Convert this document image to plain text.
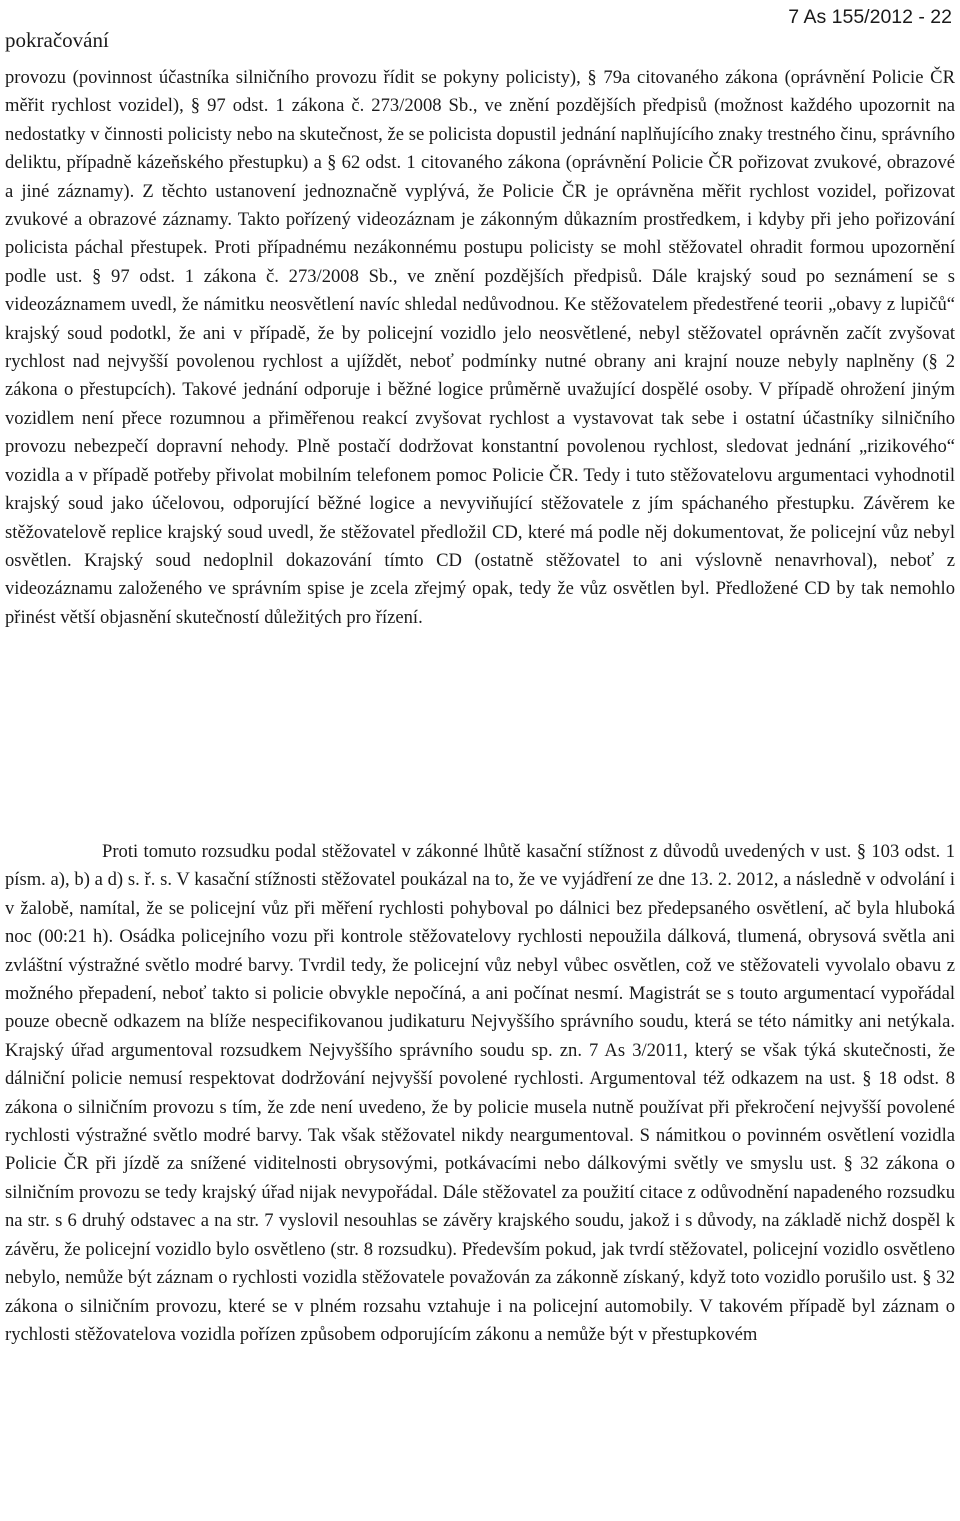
pokračování
7 As 155/2012 - 22

provozu (povinnost účastníka silničního provozu řídit se pokyny policisty), § 79a citovaného zákona (oprávnění Policie ČR měřit rychlost vozidel), § 97 odst. 1 zákona č. 273/2008 Sb., ve znění pozdějších předpisů (možnost každého upozornit na nedostatky v činnosti policisty nebo na skutečnost, že se policista dopustil jednání naplňujícího znaky trestného činu, správního deliktu, případně kázeňského přestupku) a § 62 odst. 1 citovaného zákona (oprávnění Policie ČR pořizovat zvukové, obrazové a jiné záznamy). Z těchto ustanovení jednoznačně vyplývá, že Policie ČR je oprávněna měřit rychlost vozidel, pořizovat zvukové a obrazové záznamy. Takto pořízený videozáznam je zákonným důkazním prostředkem, i kdyby při jeho pořizování policista páchal přestupek. Proti případnému nezákonnému postupu policisty se mohl stěžovatel ohradit formou upozornění podle ust. § 97 odst. 1 zákona č. 273/2008 Sb., ve znění pozdějších předpisů. Dále krajský soud po seznámení se s videozáznamem uvedl, že námitku neosvětlení navíc shledal nedůvodnou. Ke stěžovatelem předestřené teorii „obavy z lupičů“ krajský soud podotkl, že ani v případě, že by policejní vozidlo jelo neosvětlené, nebyl stěžovatel oprávněn začít zvyšovat rychlost nad nejvyšší povolenou rychlost a ujíždět, neboť podmínky nutné obrany ani krajní nouze nebyly naplněny (§ 2 zákona o přestupcích). Takové jednání odporuje i běžné logice průměrně uvažující dospělé osoby. V případě ohrožení jiným vozidlem není přece rozumnou a přiměřenou reakcí zvyšovat rychlost a vystavovat tak sebe i ostatní účastníky silničního provozu nebezpečí dopravní nehody. Plně postačí dodržovat konstantní povolenou rychlost, sledovat jednání „rizikového“ vozidla a v případě potřeby přivolat mobilním telefonem pomoc Policie ČR. Tedy i tuto stěžovatelovu argumentaci vyhodnotil krajský soud jako účelovou, odporující běžné logice a nevyviňující stěžovatele z jím spáchaného přestupku. Závěrem ke stěžovatelově replice krajský soud uvedl, že stěžovatel předložil CD, které má podle něj dokumentovat, že policejní vůz nebyl osvětlen. Krajský soud nedoplnil dokazování tímto CD (ostatně stěžovatel to ani výslovně nenavrhoval), neboť z videozáznamu založeného ve správním spise je zcela zřejmý opak, tedy že vůz osvětlen byl. Předložené CD by tak nemohlo přinést větší objasnění skutečností důležitých pro řízení.

Proti tomuto rozsudku podal stěžovatel v zákonné lhůtě kasační stížnost z důvodů uvedených v ust. § 103 odst. 1 písm. a), b) a d) s. ř. s. V kasační stížnosti stěžovatel poukázal na to, že ve vyjádření ze dne 13. 2. 2012, a následně v odvolání i v žalobě, namítal, že se policejní vůz při měření rychlosti pohyboval po dálnici bez předepsaného osvětlení, ač byla hluboká noc (00:21 h). Osádka policejního vozu při kontrole stěžovatelovy rychlosti nepoužila dálková, tlumená, obrysová světla ani zvláštní výstražné světlo modré barvy. Tvrdil tedy, že policejní vůz nebyl vůbec osvětlen, což ve stěžovateli vyvolalo obavu z možného přepadení, neboť takto si policie obvykle nepočíná, a ani počínat nesmí. Magistrát se s touto argumentací vypořádal pouze obecně odkazem na blíže nespecifikovanou judikaturu Nejvyššího správního soudu, která se této námitky ani netýkala. Krajský úřad argumentoval rozsudkem Nejvyššího správního soudu sp. zn. 7 As 3/2011, který se však týká skutečnosti, že dálniční policie nemusí respektovat dodržování nejvyšší povolené rychlosti. Argumentoval též odkazem na ust. § 18 odst. 8 zákona o silničním provozu s tím, že zde není uvedeno, že by policie musela nutně používat při překročení nejvyšší povolené rychlosti výstražné světlo modré barvy. Tak však stěžovatel nikdy neargumentoval. S námitkou o povinném osvětlení vozidla Policie ČR při jízdě za snížené viditelnosti obrysovými, potkávacími nebo dálkovými světly ve smyslu ust. § 32 zákona o silničním provozu se tedy krajský úřad nijak nevypořádal. Dále stěžovatel za použití citace z odůvodnění napadeného rozsudku na str. s 6 druhý odstavec a na str. 7 vyslovil nesouhlas se závěry krajského soudu, jakož i s důvody, na základě nichž dospěl k závěru, že policejní vozidlo bylo osvětleno (str. 8 rozsudku). Především pokud, jak tvrdí stěžovatel, policejní vozidlo osvětleno nebylo, nemůže být záznam o rychlosti vozidla stěžovatele považován za zákonně získaný, když toto vozidlo porušilo ust. § 32 zákona o silničním provozu, které se v plném rozsahu vztahuje i na policejní automobily. V takovém případě byl záznam o rychlosti stěžovatelova vozidla pořízen způsobem odporujícím zákonu a nemůže být v přestupkovém
